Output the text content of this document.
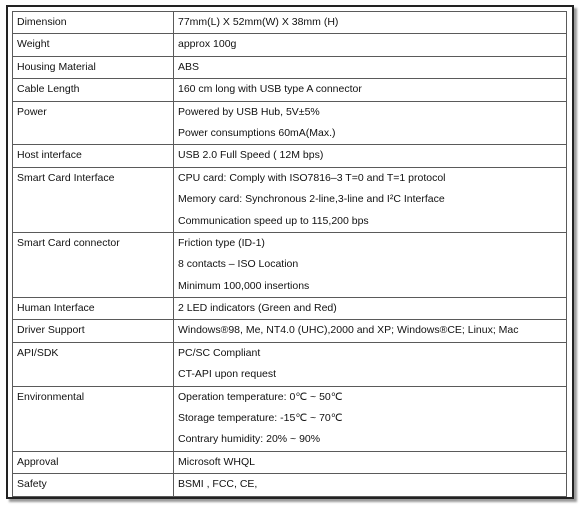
Dimension	77mm(L) X 52mm(W) X 38mm (H)

Weight	approx 100g

Housing Material	ABS

Cable Length	160 cm long with USB type A connector

Power	Powered by USB Hub, 5V±5%
Power consumptions 60mA(Max.)

Host interface	USB 2.0 Full Speed ( 12M bps)

Smart Card Interface	CPU card: Comply with ISO7816–3 T=0 and T=1 protocol
Memory card: Synchronous 2-line,3-line and I²C Interface
Communication speed up to 115,200 bps

Smart Card connector	Friction type (ID-1)
8 contacts – ISO Location
Minimum 100,000 insertions

Human Interface	2 LED indicators (Green and Red)

Driver Support	Windows®98, Me, NT4.0 (UHC),2000 and XP; Windows®CE; Linux; Mac

API/SDK	PC/SC Compliant
CT-API upon request

Environmental	Operation temperature: 0℃ ~ 50℃
Storage temperature: -15℃ ~ 70℃
Contrary humidity: 20% ~ 90%

Approval	Microsoft WHQL

Safety	BSMI , FCC, CE,
